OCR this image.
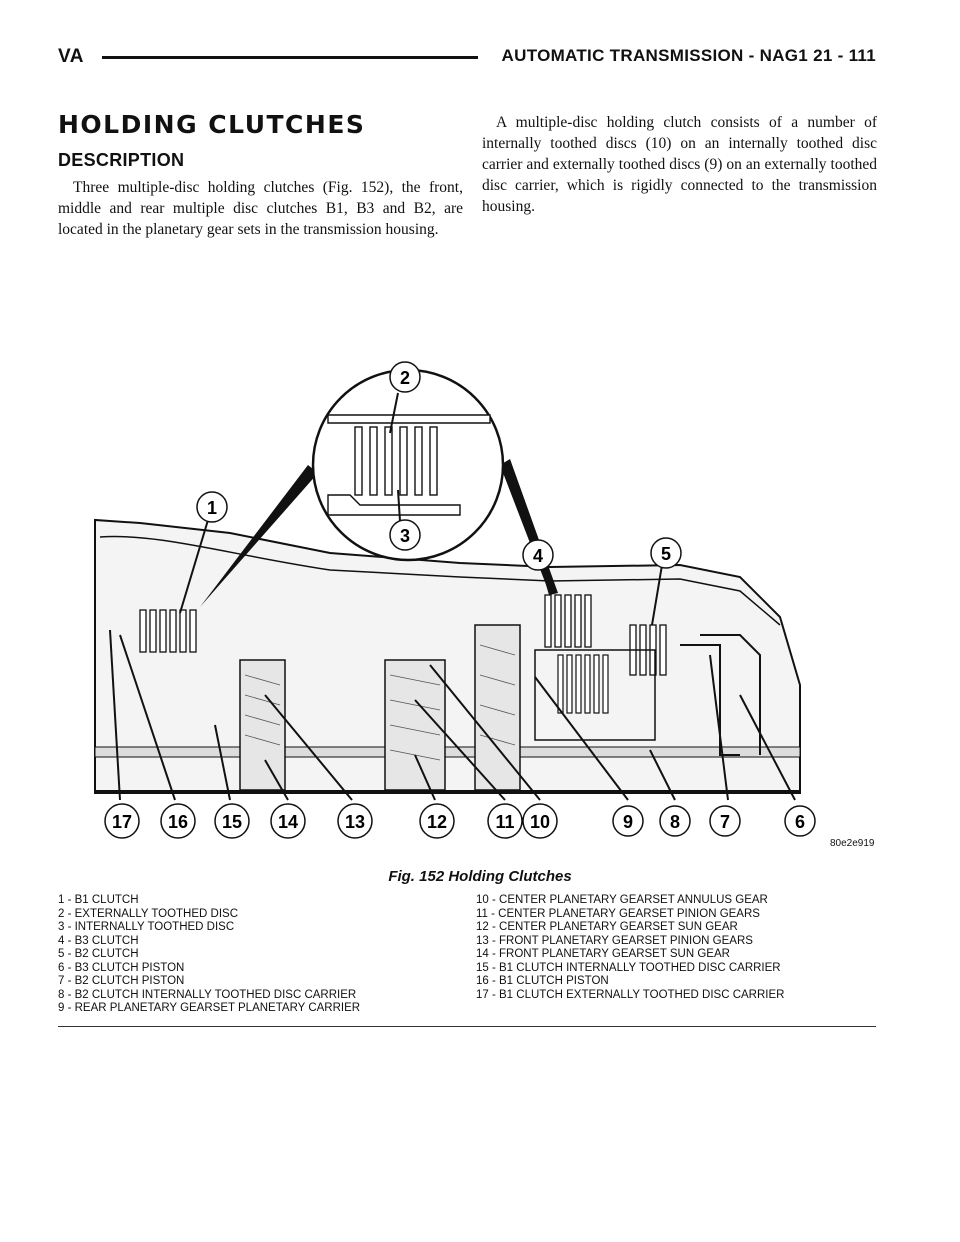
VA	AUTOMATIC TRANSMISSION - NAG1 21 - 111
HOLDING CLUTCHES
DESCRIPTION

Three multiple-disc holding clutches (Fig. 152), the front, middle and rear multiple disc clutches B1, B3 and B2, are located in the planetary gear sets in the transmission housing.

A multiple-disc holding clutch consists of a number of internally toothed discs (10) on an internally toothed disc carrier and externally toothed discs (9) on an externally toothed disc carrier, which is rigidly connected to the transmission housing.

2
3
1
4	5
17 16 15 14	13	12	11 10	9 8 7	6
80e2e919
Fig. 152 Holding Clutches
1 - B1 CLUTCH
2 - EXTERNALLY TOOTHED DISC
3 - INTERNALLY TOOTHED DISC
4 - B3 CLUTCH
5 - B2 CLUTCH
6 - B3 CLUTCH PISTON
7 - B2 CLUTCH PISTON
8 - B2 CLUTCH INTERNALLY TOOTHED DISC CARRIER
9 - REAR PLANETARY GEARSET PLANETARY CARRIER
10 - CENTER PLANETARY GEARSET ANNULUS GEAR
11 - CENTER PLANETARY GEARSET PINION GEARS
12 - CENTER PLANETARY GEARSET SUN GEAR
13 - FRONT PLANETARY GEARSET PINION GEARS
14 - FRONT PLANETARY GEARSET SUN GEAR
15 - B1 CLUTCH INTERNALLY TOOTHED DISC CARRIER
16 - B1 CLUTCH PISTON
17 - B1 CLUTCH EXTERNALLY TOOTHED DISC CARRIER
